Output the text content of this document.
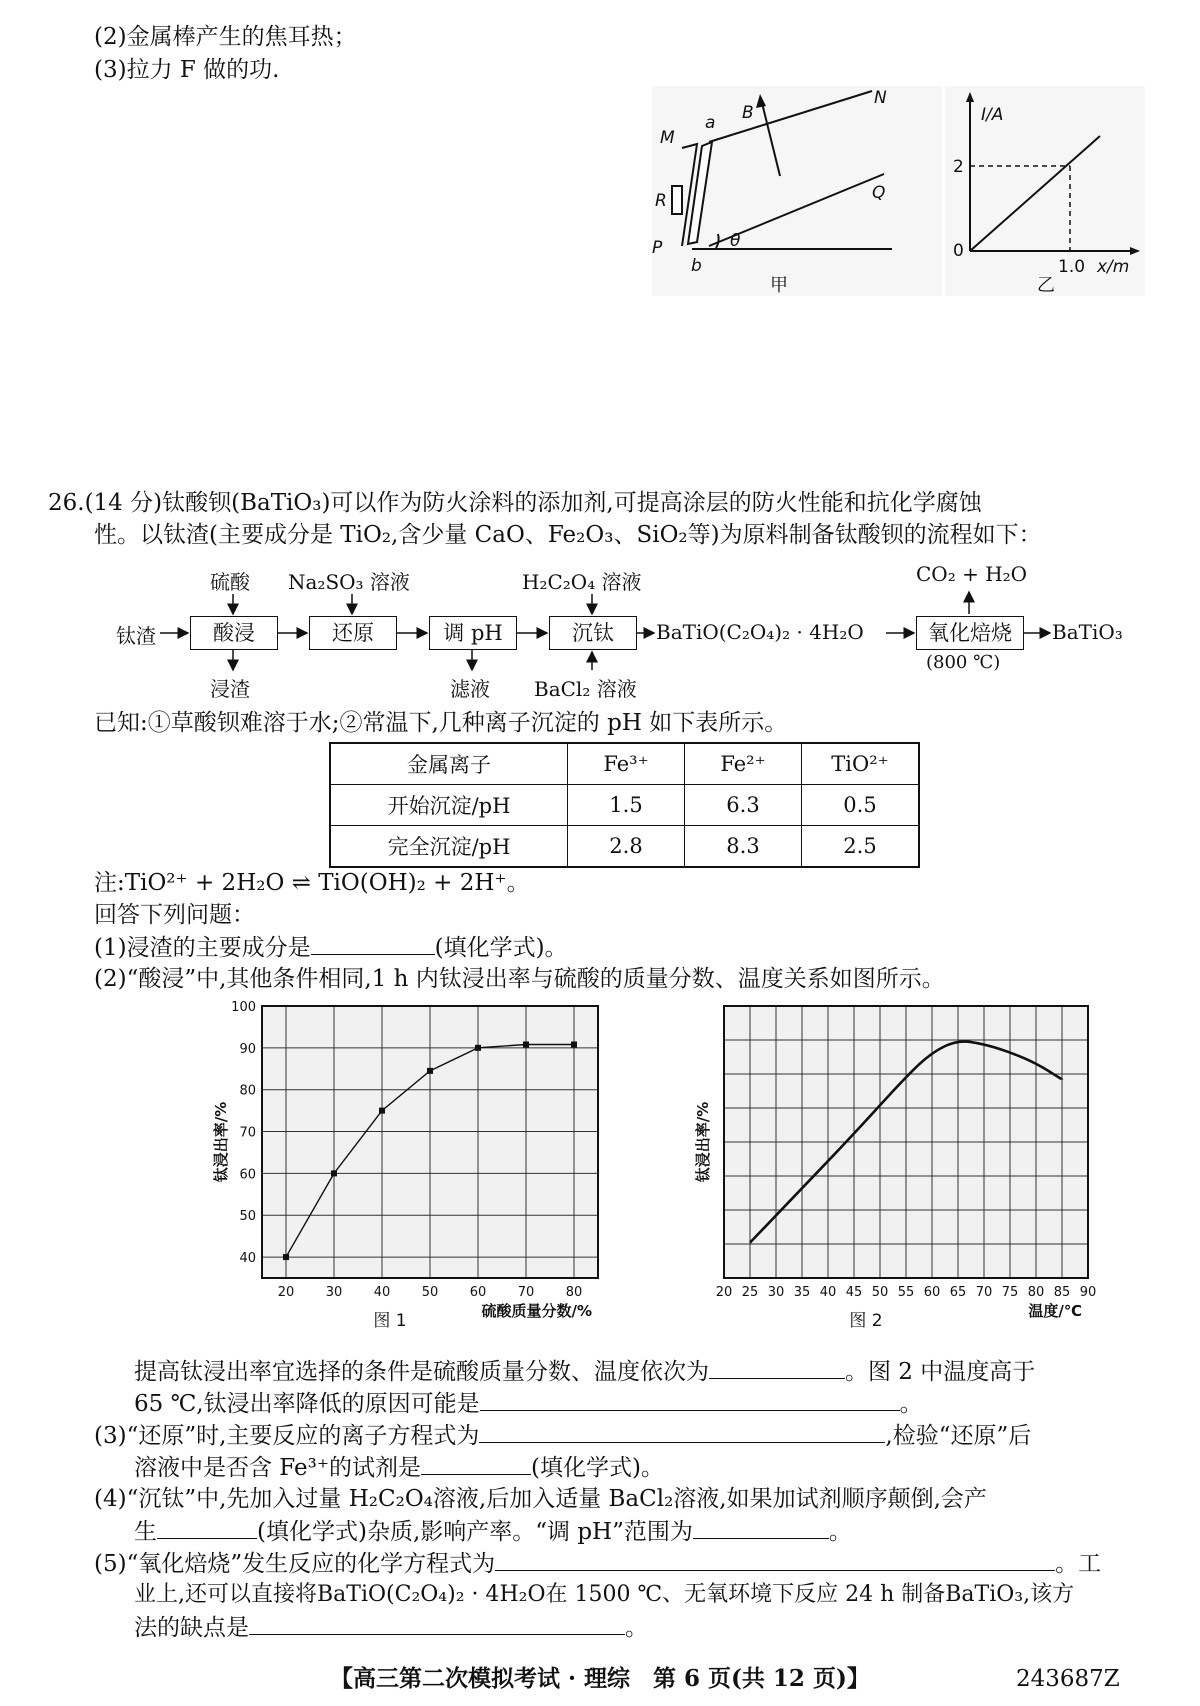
(2)金属棒产生的焦耳热；
(3)拉力 F 做的功.
M
a B
N
R	Q
P
b
θ
甲
I/A
2
0
1.0 x/m
乙
26.(14 分)钛酸钡(BaTiO₃)可以作为防火涂料的添加剂,可提高涂层的防火性能和抗化学腐蚀
性。以钛渣(主要成分是 TiO₂,含少量 CaO、Fe₂O₃、SiO₂等)为原料制备钛酸钡的流程如下：
钛渣
硫酸
酸浸
浸渣
Na₂SO₃ 溶液
还原	调 pH
滤液
H₂C₂O₄ 溶液
沉钛
BaCl₂ 溶液
BaTiO(C₂O₄)₂ · 4H₂O
CO₂ + H₂O
氧化焙烧
(800 ℃)
BaTiO₃
已知:①草酸钡难溶于水;②常温下,几种离子沉淀的 pH 如下表所示。
金属离子	Fe³⁺	Fe²⁺	TiO²⁺
开始沉淀/pH	1.5	6.3	0.5
完全沉淀/pH	2.8	8.3	2.5
注:TiO²⁺ + 2H₂O ⇌ TiO(OH)₂ + 2H⁺。
回答下列问题：
(1)浸渣的主要成分是	(填化学式)。
(2)“酸浸”中,其他条件相同,1 h 内钛浸出率与硫酸的质量分数、温度关系如图所示。
40
50
60
70
80
90
100
20 30 40 50 60 70 80
钛浸出率/%
硫酸质量分数/%
图 1
20 25 30 35 40 45 50 55 60 65 70 75 80 85 90
钛浸出率/%
温度/℃
图 2
提高钛浸出率宜选择的条件是硫酸质量分数、温度依次为	。图 2 中温度高于
65 ℃,钛浸出率降低的原因可能是	。
(3)“还原”时,主要反应的离子方程式为	,检验“还原”后
溶液中是否含 Fe³⁺的试剂是	(填化学式)。
(4)“沉钛”中,先加入过量 H₂C₂O₄溶液,后加入适量 BaCl₂溶液,如果加试剂顺序颠倒,会产
生	(填化学式)杂质,影响产率。“调 pH”范围为	。
(5)“氧化焙烧”发生反应的化学方程式为	。工
业上,还可以直接将BaTiO(C₂O₄)₂ · 4H₂O在 1500 ℃、无氧环境下反应 24 h 制备BaTiO₃,该方
法的缺点是	。
【高三第二次模拟考试 · 理综　第 6 页(共 12 页)】	243687Z
